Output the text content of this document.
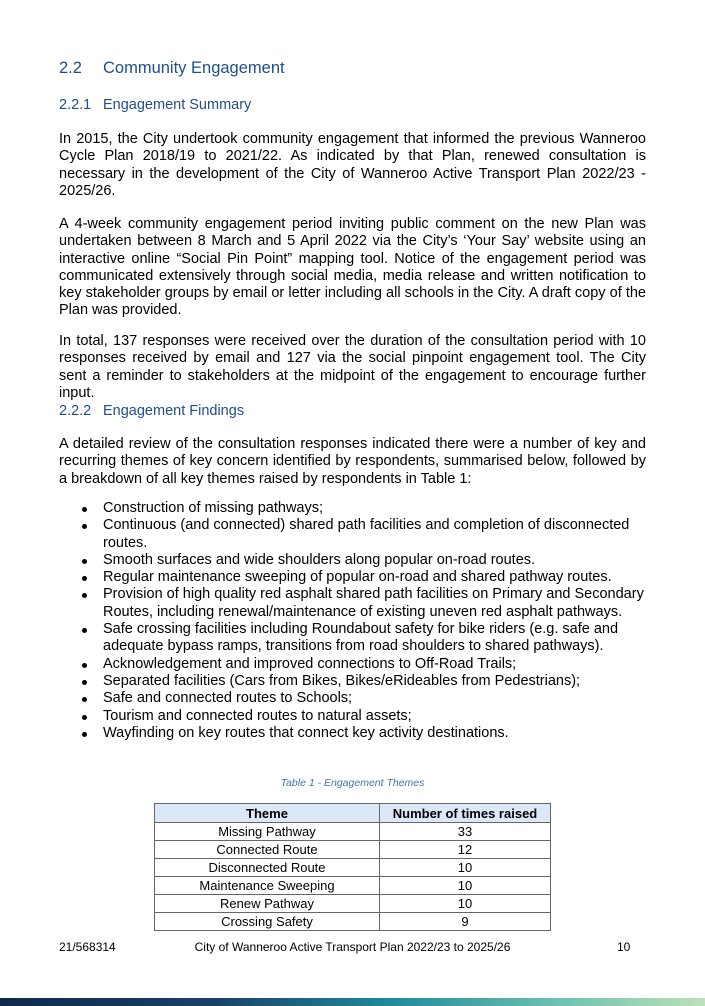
2.2 Community Engagement
2.2.1 Engagement Summary

In 2015, the City undertook community engagement that informed the previous Wanneroo Cycle Plan 2018/19 to 2021/22. As indicated by that Plan, renewed consultation is necessary in the development of the City of Wanneroo Active Transport Plan 2022/23 - 2025/26.

A 4-week community engagement period inviting public comment on the new Plan was undertaken between 8 March and 5 April 2022 via the City’s ‘Your Say’ website using an interactive online “Social Pin Point” mapping tool. Notice of the engagement period was communicated extensively through social media, media release and written notification to key stakeholder groups by email or letter including all schools in the City. A draft copy of the Plan was provided.

In total, 137 responses were received over the duration of the consultation period with 10 responses received by email and 127 via the social pinpoint engagement tool. The City sent a reminder to stakeholders at the midpoint of the engagement to encourage further input.

2.2.2 Engagement Findings

A detailed review of the consultation responses indicated there were a number of key and recurring themes of key concern identified by respondents, summarised below, followed by a breakdown of all key themes raised by respondents in Table 1:

Construction of missing pathways;
Continuous (and connected) shared path facilities and completion of disconnected routes.
Smooth surfaces and wide shoulders along popular on-road routes.
Regular maintenance sweeping of popular on-road and shared pathway routes.
Provision of high quality red asphalt shared path facilities on Primary and Secondary Routes, including renewal/maintenance of existing uneven red asphalt pathways.
Safe crossing facilities including Roundabout safety for bike riders (e.g. safe and adequate bypass ramps, transitions from road shoulders to shared pathways).
Acknowledgement and improved connections to Off-Road Trails;
Separated facilities (Cars from Bikes, Bikes/eRideables from Pedestrians);
Safe and connected routes to Schools;
Tourism and connected routes to natural assets;
Wayfinding on key routes that connect key activity destinations.
Table 1 - Engagement Themes
Theme	Number of times raised
Missing Pathway	33
Connected Route	12
Disconnected Route	10
Maintenance Sweeping	10
Renew Pathway	10
Crossing Safety	9
21/568314	City of Wanneroo Active Transport Plan 2022/23 to 2025/26	10
